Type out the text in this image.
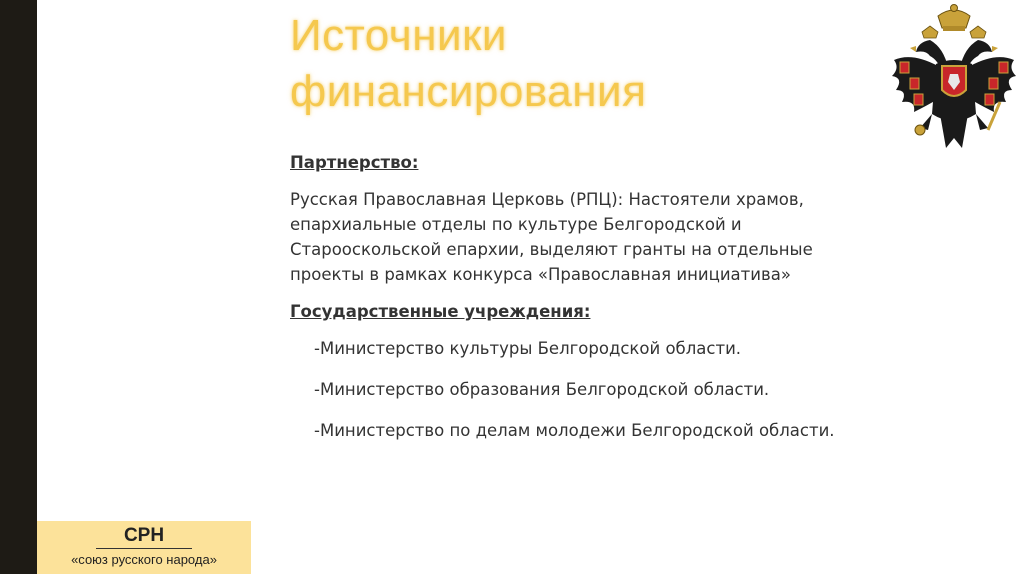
Источники
финансирования

Партнерство:

Русская Православная Церковь (РПЦ): Настоятели храмов, епархиальные отделы по культуре Белгородской и Старооскольской епархии, выделяют гранты на отдельные проекты в рамках конкурса «Православная инициатива»

Государственные учреждения:

-Министерство культуры Белгородской области.

-Министерство образования Белгородской области.

-Министерство по делам молодежи Белгородской области.

СРН
«союз русского народа»
